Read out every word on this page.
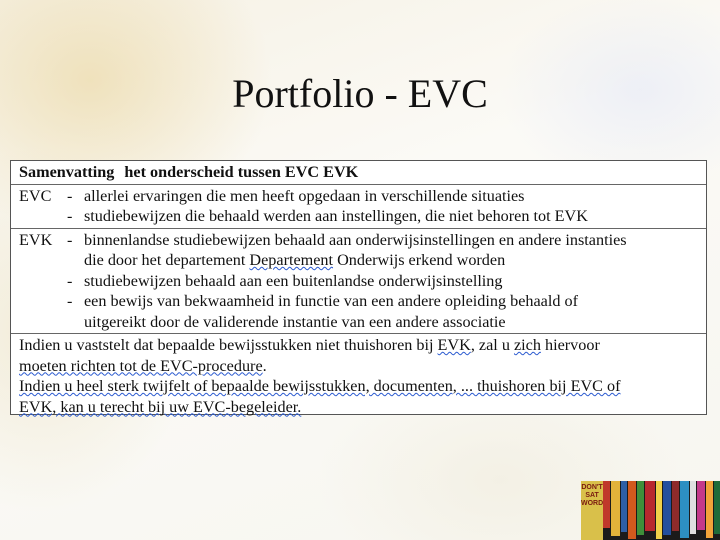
Portfolio - EVC
Samenvatting het onderscheid tussen EVC EVK
EVC - allerlei ervaringen die men heeft opgedaan in verschillende situaties
- studiebewijzen die behaald werden aan instellingen, die niet behoren tot EVK
EVK - binnenlandse studiebewijzen behaald aan onderwijsinstellingen en andere instanties
die door het departement Departement Onderwijs erkend worden
- studiebewijzen behaald aan een buitenlandse onderwijsinstelling
- een bewijs van bekwaamheid in functie van een andere opleiding behaald of
uitgereikt door de validerende instantie van een andere associatie
Indien u vaststelt dat bepaalde bewijsstukken niet thuishoren bij EVK, zal u zich hiervoor
moeten richten tot de EVC-procedure.
Indien u heel sterk twijfelt of bepaalde bewijsstukken, documenten, ... thuishoren bij EVC of
EVK, kan u terecht bij uw EVC-begeleider.
DON'T SAT WORD
